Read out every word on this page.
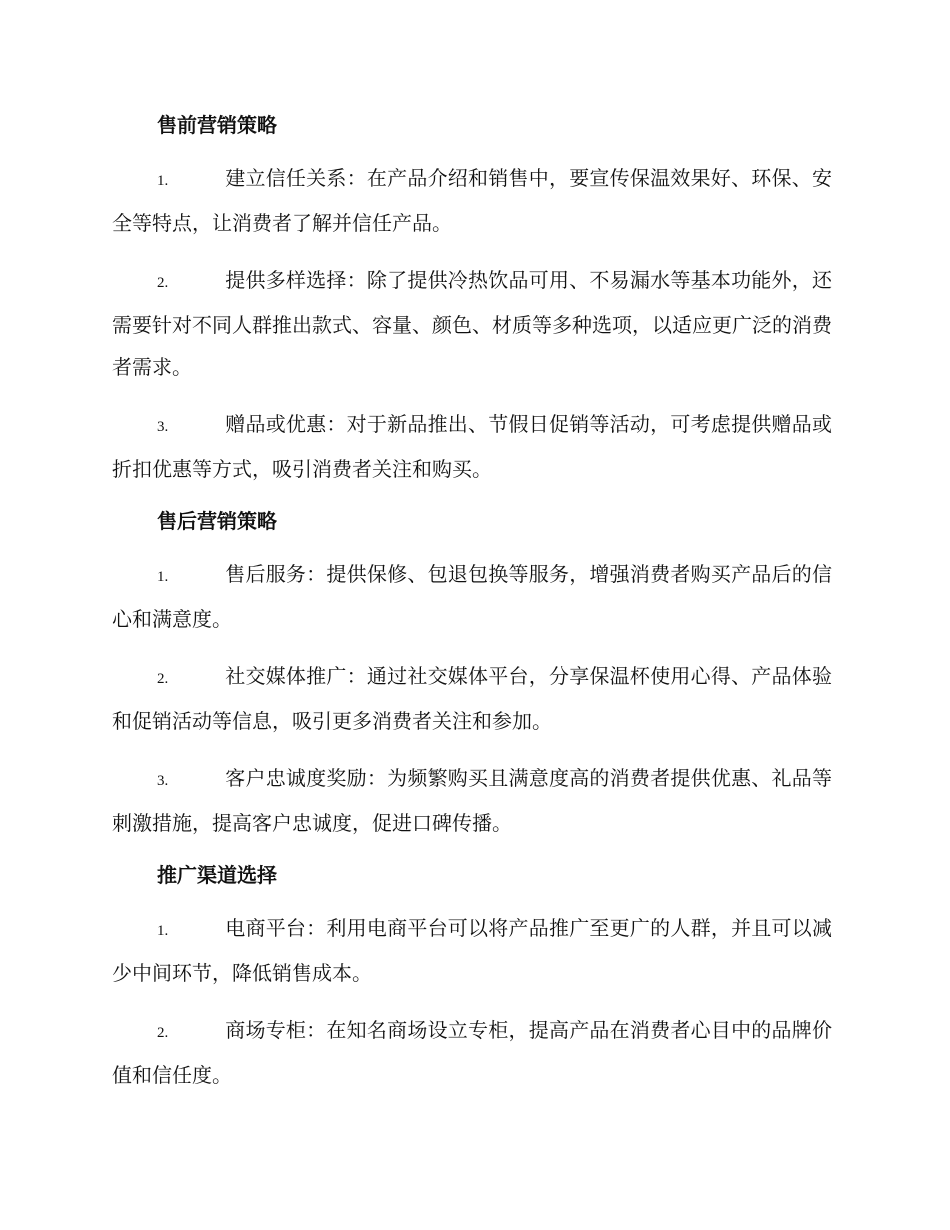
售前营销策略
1.	建立信任关系：在产品介绍和销售中，要宣传保温效果好、环保、安全等特点，让消费者了解并信任产品。
2.	提供多样选择：除了提供冷热饮品可用、不易漏水等基本功能外，还需要针对不同人群推出款式、容量、颜色、材质等多种选项，以适应更广泛的消费者需求。
3.	赠品或优惠：对于新品推出、节假日促销等活动，可考虑提供赠品或折扣优惠等方式，吸引消费者关注和购买。
售后营销策略
1.	售后服务：提供保修、包退包换等服务，增强消费者购买产品后的信心和满意度。
2.	社交媒体推广：通过社交媒体平台，分享保温杯使用心得、产品体验和促销活动等信息，吸引更多消费者关注和参加。
3.	客户忠诚度奖励：为频繁购买且满意度高的消费者提供优惠、礼品等刺激措施，提高客户忠诚度，促进口碑传播。
推广渠道选择
1.	电商平台：利用电商平台可以将产品推广至更广的人群，并且可以减少中间环节，降低销售成本。
2.	商场专柜：在知名商场设立专柜，提高产品在消费者心目中的品牌价值和信任度。
